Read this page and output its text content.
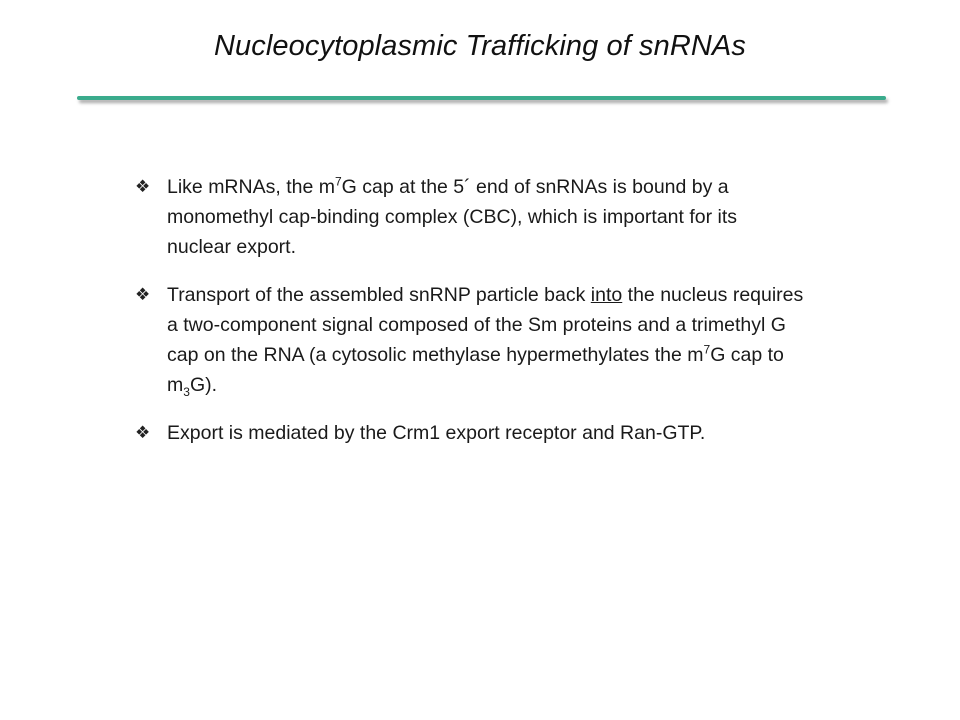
Nucleocytoplasmic Trafficking of snRNAs
❖ Like mRNAs, the $m^7G$ cap at the 5´ end of snRNAs is bound by a monomethyl cap-binding complex (CBC), which is important for its nuclear export.
❖ Transport of the assembled snRNP particle back into the nucleus requires a two-component signal composed of the Sm proteins and a trimethyl G cap on the RNA (a cytosolic methylase hypermethylates the $m^7G$ cap to $m_3G$).
❖ Export is mediated by the Crm1 export receptor and Ran-GTP.
